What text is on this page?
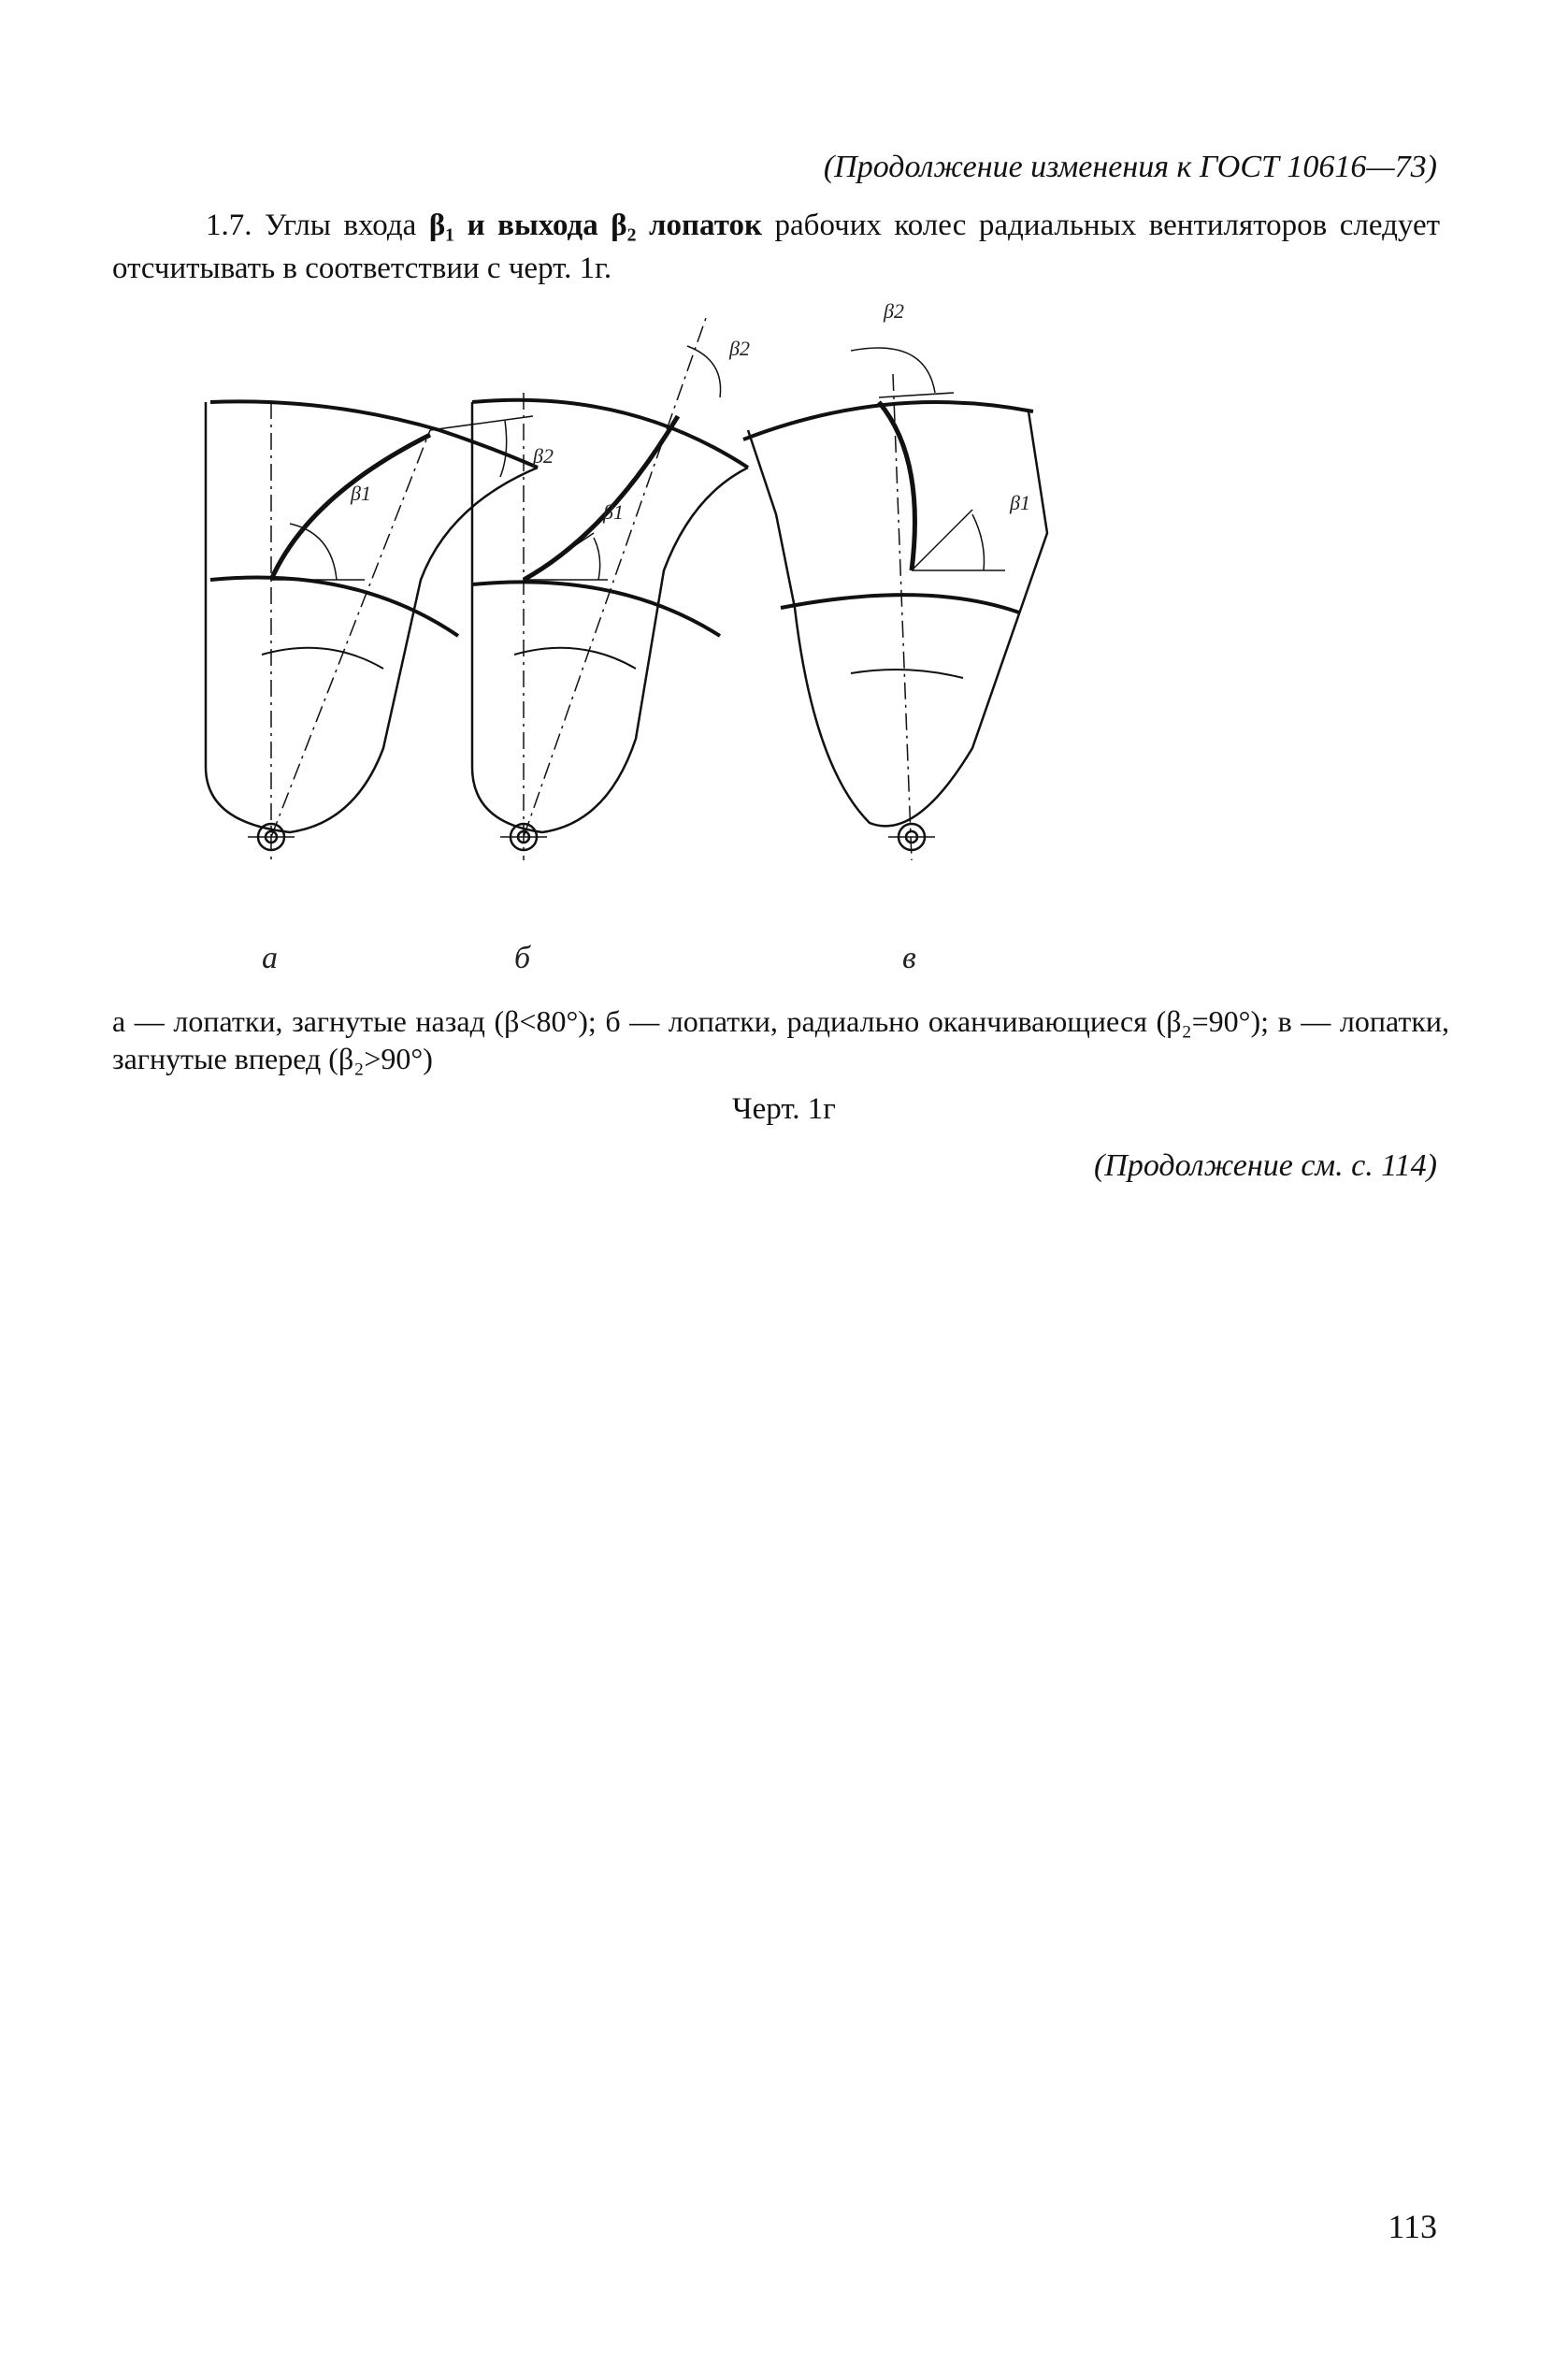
(Продолжение изменения к ГОСТ 10616—73)
1.7. Углы входа β₁ и выхода β₂ лопаток рабочих колес радиальных вентиляторов следует отсчитывать в соответствии с черт. 1г.
β1
β2
β1
β2
β1
β2
а	б	в
а — лопатки, загнутые назад (β<80°); б — лопатки, радиально оканчивающиеся (β₂=90°); в — лопатки, загнутые вперед (β₂>90°)
Черт. 1г
(Продолжение см. с. 114)
113
